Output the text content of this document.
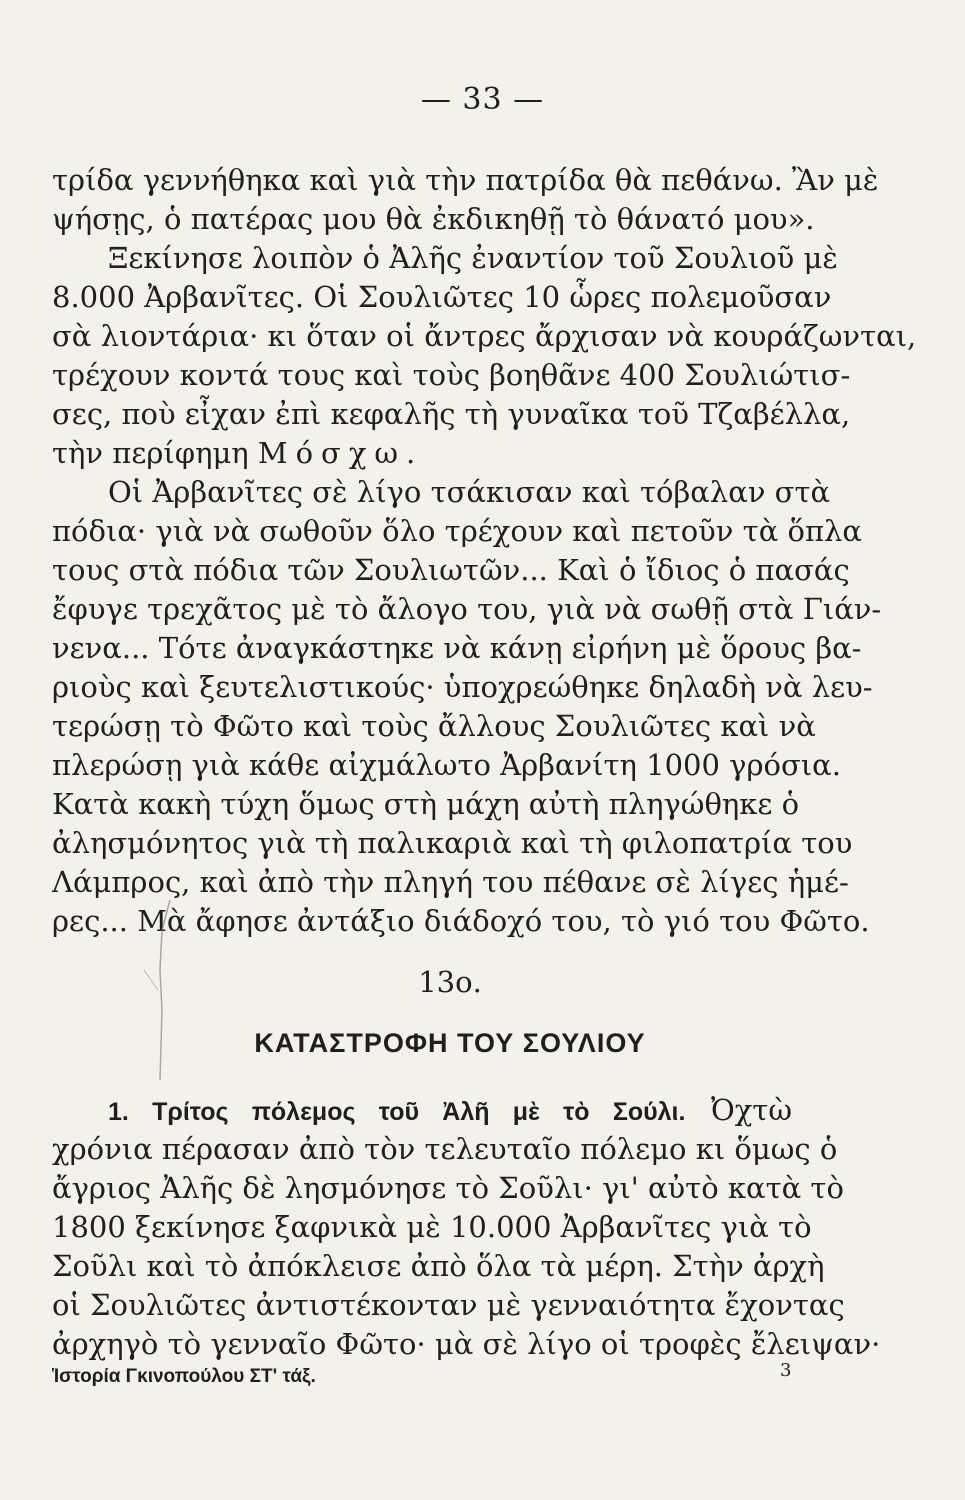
— 33 —
τρίδα γεννήθηκα καὶ γιὰ τὴν πατρίδα θὰ πεθάνω. Ἂν μὲ
ψήσῃς, ὁ πατέρας μου θὰ ἐκδικηθῇ τὸ θάνατό μου».
Ξεκίνησε λοιπὸν ὁ Ἀλῆς ἐναντίον τοῦ Σουλιοῦ μὲ
8.000 Ἀρβανῖτες. Οἱ Σουλιῶτες 10 ὧρες πολεμοῦσαν
σὰ λιοντάρια· κι ὅταν οἱ ἄντρες ἄρχισαν νὰ κουράζωνται,
τρέχουν κοντά τους καὶ τοὺς βοηθᾶνε 400 Σουλιώτισ-
σες, ποὺ εἶχαν ἐπὶ κεφαλῆς τὴ γυναῖκα τοῦ Τζαβέλλα,
τὴν περίφημη Μόσχω.
Οἱ Ἀρβανῖτες σὲ λίγο τσάκισαν καὶ τόβαλαν στὰ
πόδια· γιὰ νὰ σωθοῦν ὅλο τρέχουν καὶ πετοῦν τὰ ὅπλα
τους στὰ πόδια τῶν Σουλιωτῶν... Καὶ ὁ ἴδιος ὁ πασάς
ἔφυγε τρεχᾶτος μὲ τὸ ἄλογο του, γιὰ νὰ σωθῇ στὰ Γιάν-
νενα... Τότε ἀναγκάστηκε νὰ κάνῃ εἰρήνη μὲ ὅρους βα-
ριοὺς καὶ ξευτελιστικούς· ὑποχρεώθηκε δηλαδὴ νὰ λευ-
τερώσῃ τὸ Φῶτο καὶ τοὺς ἄλλους Σουλιῶτες καὶ νὰ
πλερώσῃ γιὰ κάθε αἰχμάλωτο Ἀρβανίτη 1000 γρόσια.
Κατὰ κακὴ τύχη ὅμως στὴ μάχη αὐτὴ πληγώθηκε ὁ
ἀλησμόνητος γιὰ τὴ παλικαριὰ καὶ τὴ φιλοπατρία του
Λάμπρος, καὶ ἀπὸ τὴν πληγή του πέθανε σὲ λίγες ἡμέ-
ρες... Μὰ ἄφησε ἀντάξιο διάδοχό του, τὸ γιό του Φῶτο.
13ο.
ΚΑΤΑΣΤΡΟΦΗ ΤΟΥ ΣΟΥΛΙΟΥ
1. Τρίτος πόλεμος τοῦ Ἀλῆ μὲ τὸ Σούλι. Ὀχτὼ
χρόνια πέρασαν ἀπὸ τὸν τελευταῖο πόλεμο κι ὅμως ὁ
ἄγριος Ἀλῆς δὲ λησμόνησε τὸ Σοῦλι· γι' αὐτὸ κατὰ τὸ
1800 ξεκίνησε ξαφνικὰ μὲ 10.000 Ἀρβανῖτες γιὰ τὸ
Σοῦλι καὶ τὸ ἀπόκλεισε ἀπὸ ὅλα τὰ μέρη. Στὴν ἀρχὴ
οἱ Σουλιῶτες ἀντιστέκονταν μὲ γενναιότητα ἔχοντας
ἀρχηγὸ τὸ γενναῖο Φῶτο· μὰ σὲ λίγο οἱ τροφὲς ἔλειψαν·
Ἱστορία Γκινοπούλου ΣΤ' τάξ.	3
